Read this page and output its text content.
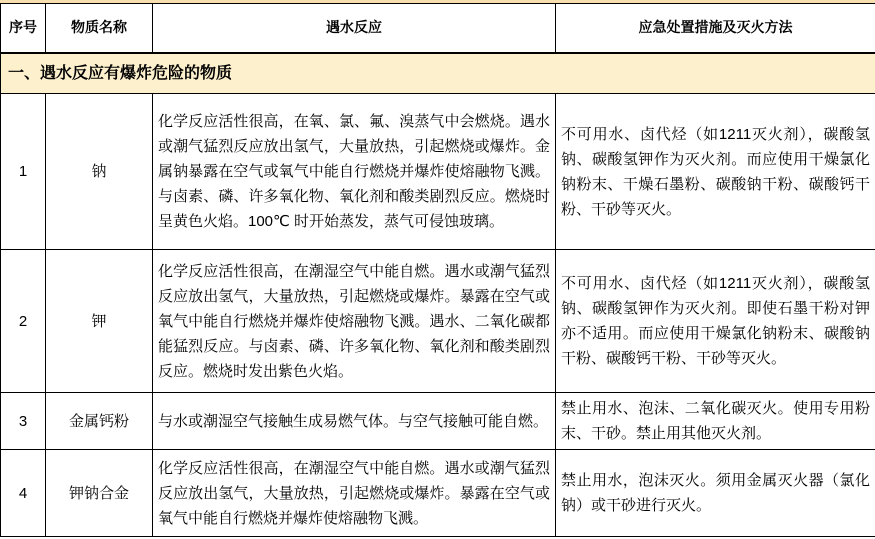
序号	物质名称	遇水反应	应急处置措施及灭火方法
一、遇水反应有爆炸危险的物质			
1	钠	化学反应活性很高，在氧、氯、氟、溴蒸气中会燃烧。遇水或潮气猛烈反应放出氢气，大量放热，引起燃烧或爆炸。金属钠暴露在空气或氧气中能自行燃烧并爆炸使熔融物飞溅。与卤素、磷、许多氧化物、氧化剂和酸类剧烈反应。燃烧时呈黄色火焰。100℃ 时开始蒸发，蒸气可侵蚀玻璃。	不可用水、卤代烃（如1211灭火剂），碳酸氢钠、碳酸氢钾作为灭火剂。而应使用干燥氯化钠粉末、干燥石墨粉、碳酸钠干粉、碳酸钙干粉、干砂等灭火。
2	钾	化学反应活性很高，在潮湿空气中能自燃。遇水或潮气猛烈反应放出氢气，大量放热，引起燃烧或爆炸。暴露在空气或氧气中能自行燃烧并爆炸使熔融物飞溅。遇水、二氧化碳都能猛烈反应。与卤素、磷、许多氧化物、氧化剂和酸类剧烈反应。燃烧时发出紫色火焰。	不可用水、卤代烃（如1211灭火剂），碳酸氢钠、碳酸氢钾作为灭火剂。即使石墨干粉对钾亦不适用。而应使用干燥氯化钠粉末、碳酸钠干粉、碳酸钙干粉、干砂等灭火。
3	金属钙粉	与水或潮湿空气接触生成易燃气体。与空气接触可能自燃。	禁止用水、泡沫、二氧化碳灭火。使用专用粉末、干砂。禁止用其他灭火剂。
4	钾钠合金	化学反应活性很高，在潮湿空气中能自燃。遇水或潮气猛烈反应放出氢气，大量放热，引起燃烧或爆炸。暴露在空气或氧气中能自行燃烧并爆炸使熔融物飞溅。	禁止用水，泡沫灭火。须用金属灭火器（氯化钠）或干砂进行灭火。
